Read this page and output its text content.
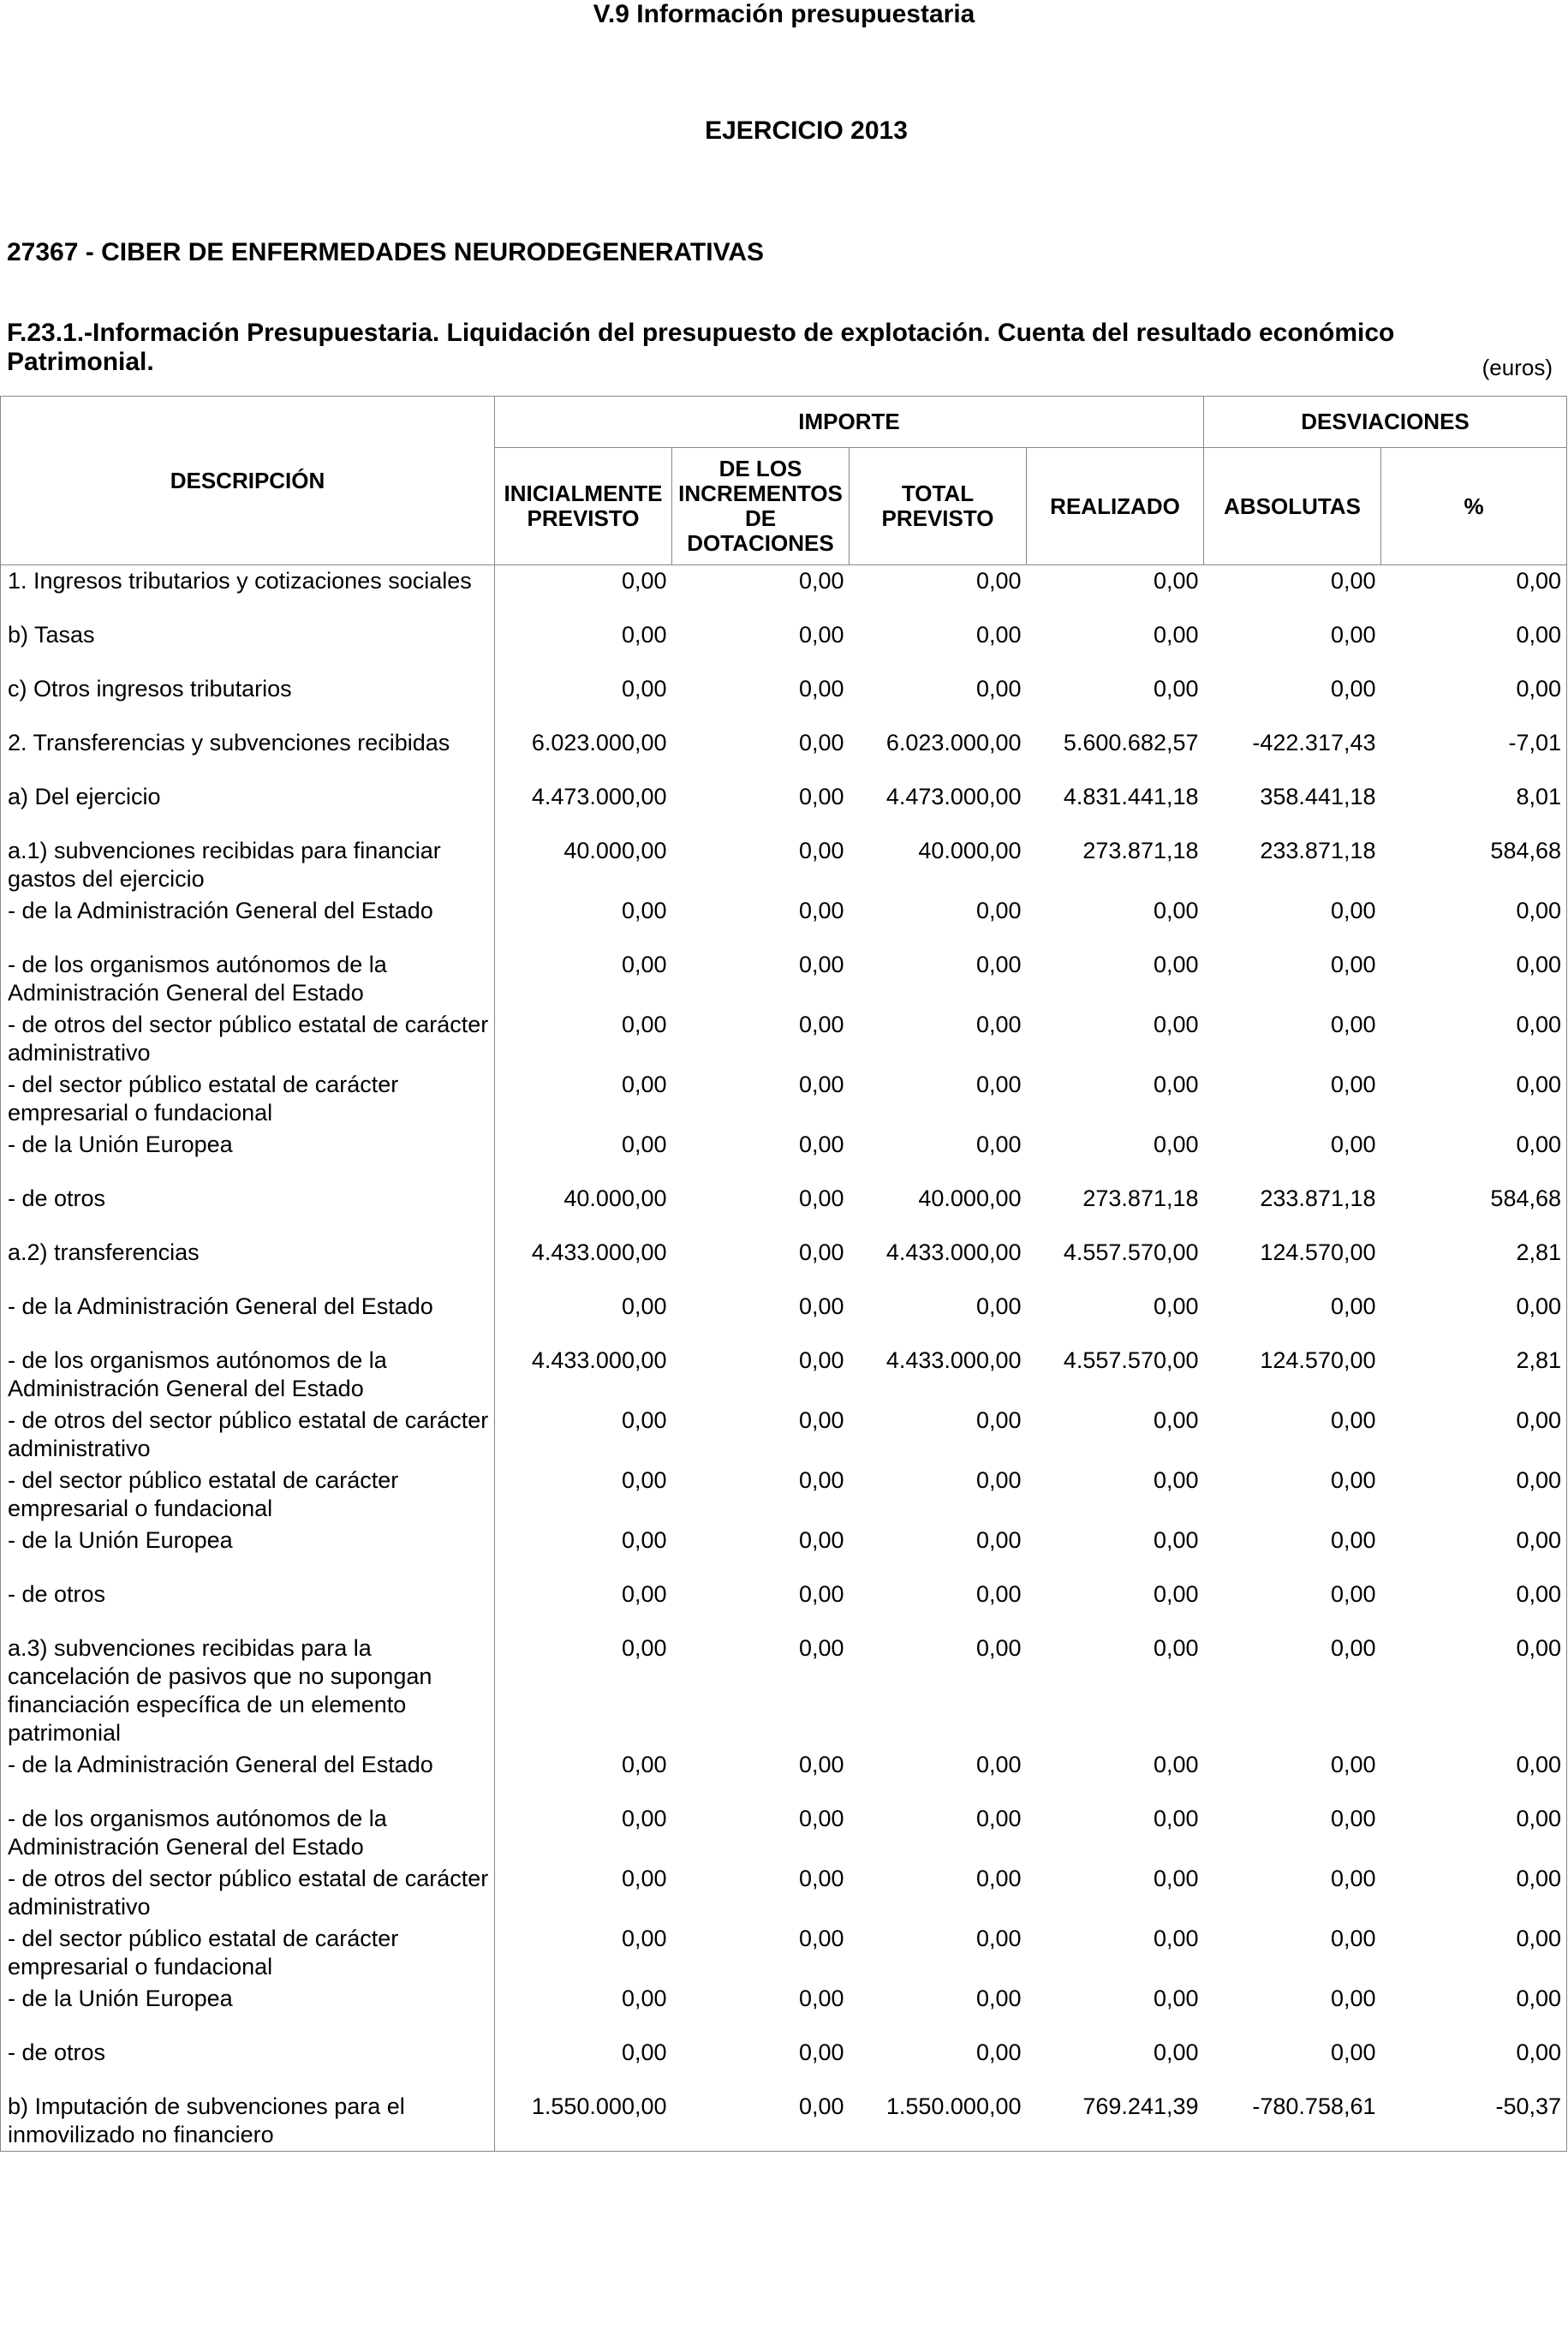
V.9 Información presupuestaria
EJERCICIO 2013
27367 - CIBER DE ENFERMEDADES NEURODEGENERATIVAS
F.23.1.-Información Presupuestaria. Liquidación del presupuesto de explotación. Cuenta del resultado económico Patrimonial.	(euros)
DESCRIPCIÓN	IMPORTE				DESVIACIONES	
	INICIALMENTE PREVISTO	DE LOS INCREMENTOS DE DOTACIONES	TOTAL PREVISTO	REALIZADO	ABSOLUTAS	%
1. Ingresos tributarios y cotizaciones sociales	0,00	0,00	0,00	0,00	0,00	0,00
b) Tasas	0,00	0,00	0,00	0,00	0,00	0,00
c) Otros ingresos tributarios	0,00	0,00	0,00	0,00	0,00	0,00
2. Transferencias y subvenciones recibidas	6.023.000,00	0,00	6.023.000,00	5.600.682,57	-422.317,43	-7,01
a) Del ejercicio	4.473.000,00	0,00	4.473.000,00	4.831.441,18	358.441,18	8,01
a.1) subvenciones recibidas para financiar gastos del ejercicio	40.000,00	0,00	40.000,00	273.871,18	233.871,18	584,68
- de la Administración General del Estado	0,00	0,00	0,00	0,00	0,00	0,00
- de los organismos autónomos de la Administración General del Estado	0,00	0,00	0,00	0,00	0,00	0,00
- de otros del sector público estatal de carácter administrativo	0,00	0,00	0,00	0,00	0,00	0,00
- del sector público estatal de carácter empresarial o fundacional	0,00	0,00	0,00	0,00	0,00	0,00
- de la Unión Europea	0,00	0,00	0,00	0,00	0,00	0,00
- de otros	40.000,00	0,00	40.000,00	273.871,18	233.871,18	584,68
a.2) transferencias	4.433.000,00	0,00	4.433.000,00	4.557.570,00	124.570,00	2,81
- de la Administración General del Estado	0,00	0,00	0,00	0,00	0,00	0,00
- de los organismos autónomos de la Administración General del Estado	4.433.000,00	0,00	4.433.000,00	4.557.570,00	124.570,00	2,81
- de otros del sector público estatal de carácter administrativo	0,00	0,00	0,00	0,00	0,00	0,00
- del sector público estatal de carácter empresarial o fundacional	0,00	0,00	0,00	0,00	0,00	0,00
- de la Unión Europea	0,00	0,00	0,00	0,00	0,00	0,00
- de otros	0,00	0,00	0,00	0,00	0,00	0,00
a.3) subvenciones recibidas para la cancelación de pasivos que no supongan financiación específica de un elemento patrimonial	0,00	0,00	0,00	0,00	0,00	0,00
- de la Administración General del Estado	0,00	0,00	0,00	0,00	0,00	0,00
- de los organismos autónomos de la Administración General del Estado	0,00	0,00	0,00	0,00	0,00	0,00
- de otros del sector público estatal de carácter administrativo	0,00	0,00	0,00	0,00	0,00	0,00
- del sector público estatal de carácter empresarial o fundacional	0,00	0,00	0,00	0,00	0,00	0,00
- de la Unión Europea	0,00	0,00	0,00	0,00	0,00	0,00
- de otros	0,00	0,00	0,00	0,00	0,00	0,00
b) Imputación de subvenciones para el inmovilizado no financiero	1.550.000,00	0,00	1.550.000,00	769.241,39	-780.758,61	-50,37
